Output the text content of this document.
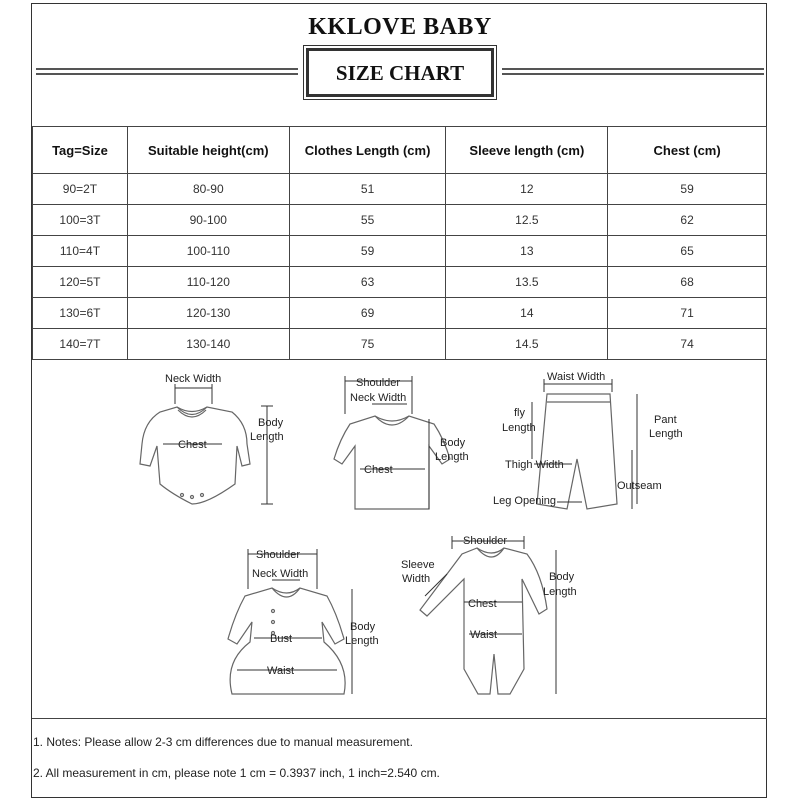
KKLOVE BABY
SIZE CHART
Tag=Size	Suitable height(cm)	Clothes Length (cm)	Sleeve length (cm)	Chest (cm)
90=2T	80-90	51	12	59
100=3T	90-100	55	12.5	62
110=4T	100-110	59	13	65
120=5T	110-120	63	13.5	68
130=6T	120-130	69	14	71
140=7T	130-140	75	14.5	74
Neck Width
Chest
Body
Length
Shoulder
Neck Width
Chest
Body
Length
Waist Width
fly
Length
Pant
Length
Thigh Width
Outseam
Leg Opening
Shoulder
Neck Width
Bust
Waist
Body
Length
Shoulder
Sleeve
Width
Chest
Waist
Body
Length
1. Notes: Please allow 2-3 cm differences due to manual measurement.
2. All measurement in cm, please note 1 cm = 0.3937 inch, 1 inch=2.540 cm.
